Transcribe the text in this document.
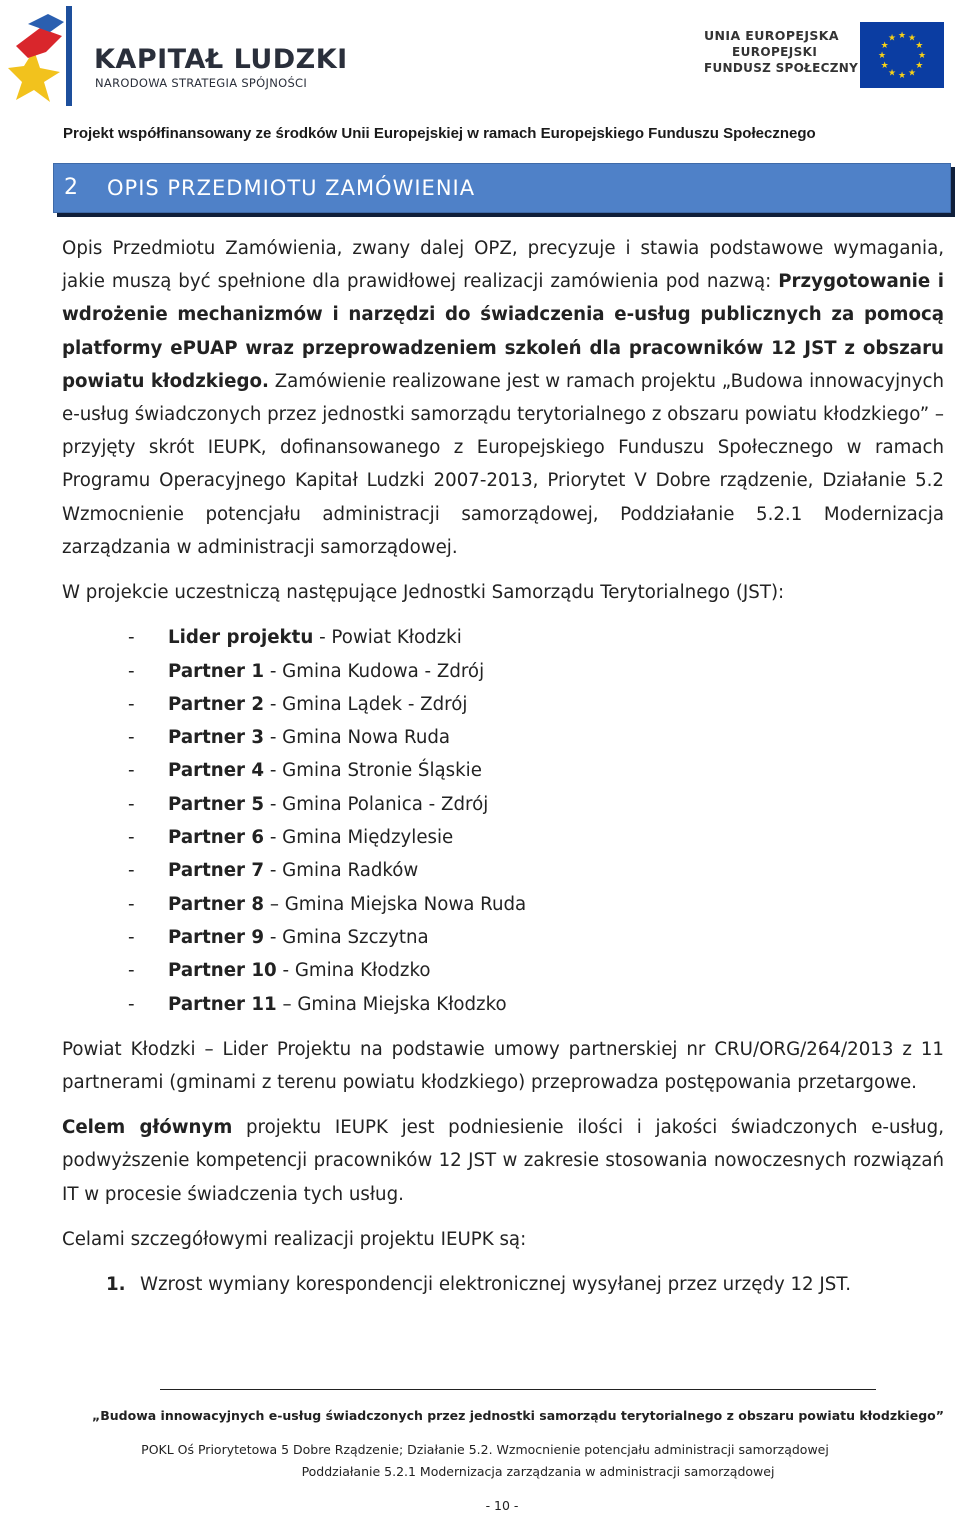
KAPITAŁ LUDZKI
NARODOWA STRATEGIA SPÓJNOŚCI
UNIA EUROPEJSKA
EUROPEJSKI
FUNDUSZ SPOŁECZNY
★
★
★
★
★
★
★
★
★ ★ ★
★
Projekt współfinansowany ze środków Unii Europejskiej w ramach Europejskiego Funduszu Społecznego
2 OPIS PRZEDMIOTU ZAMÓWIENIA

Opis Przedmiotu Zamówienia, zwany dalej OPZ, precyzuje i stawia podstawowe wymagania, jakie muszą być spełnione dla prawidłowej realizacji zamówienia pod nazwą: Przygotowanie i wdrożenie mechanizmów i narzędzi do świadczenia e-usług publicznych za pomocą platformy ePUAP wraz przeprowadzeniem szkoleń dla pracowników 12 JST z obszaru powiatu kłodzkiego. Zamówienie realizowane jest w ramach projektu „Budowa innowacyjnych e-usług świadczonych przez jednostki samorządu terytorialnego z obszaru powiatu kłodzkiego” – przyjęty skrót IEUPK, dofinansowanego z Europejskiego Funduszu Społecznego w ramach Programu Operacyjnego Kapitał Ludzki 2007-2013, Priorytet V Dobre rządzenie, Działanie 5.2 Wzmocnienie potencjału administracji samorządowej, Poddziałanie 5.2.1 Modernizacja zarządzania w administracji samorządowej.

W projekcie uczestniczą następujące Jednostki Samorządu Terytorialnego (JST):

- Lider projektu - Powiat Kłodzki
- Partner 1 - Gmina Kudowa - Zdrój
- Partner 2 - Gmina Lądek - Zdrój
- Partner 3 - Gmina Nowa Ruda
- Partner 4 - Gmina Stronie Śląskie
- Partner 5 - Gmina Polanica - Zdrój
- Partner 6 - Gmina Międzylesie
- Partner 7 - Gmina Radków
- Partner 8 – Gmina Miejska Nowa Ruda
- Partner 9 - Gmina Szczytna
- Partner 10 - Gmina Kłodzko
- Partner 11 – Gmina Miejska Kłodzko

Powiat Kłodzki – Lider Projektu na podstawie umowy partnerskiej nr CRU/ORG/264/2013 z 11 partnerami (gminami z terenu powiatu kłodzkiego) przeprowadza postępowania przetargowe.

Celem głównym projektu IEUPK jest podniesienie ilości i jakości świadczonych e-usług, podwyższenie kompetencji pracowników 12 JST w zakresie stosowania nowoczesnych rozwiązań IT w procesie świadczenia tych usług.

Celami szczegółowymi realizacji projektu IEUPK są:

1. Wzrost wymiany korespondencji elektronicznej wysyłanej przez urzędy 12 JST.
„Budowa innowacyjnych e-usług świadczonych przez jednostki samorządu terytorialnego z obszaru powiatu kłodzkiego”
POKL Oś Priorytetowa 5 Dobre Rządzenie; Działanie 5.2. Wzmocnienie potencjału administracji samorządowej
Poddziałanie 5.2.1 Modernizacja zarządzania w administracji samorządowej
- 10 -
